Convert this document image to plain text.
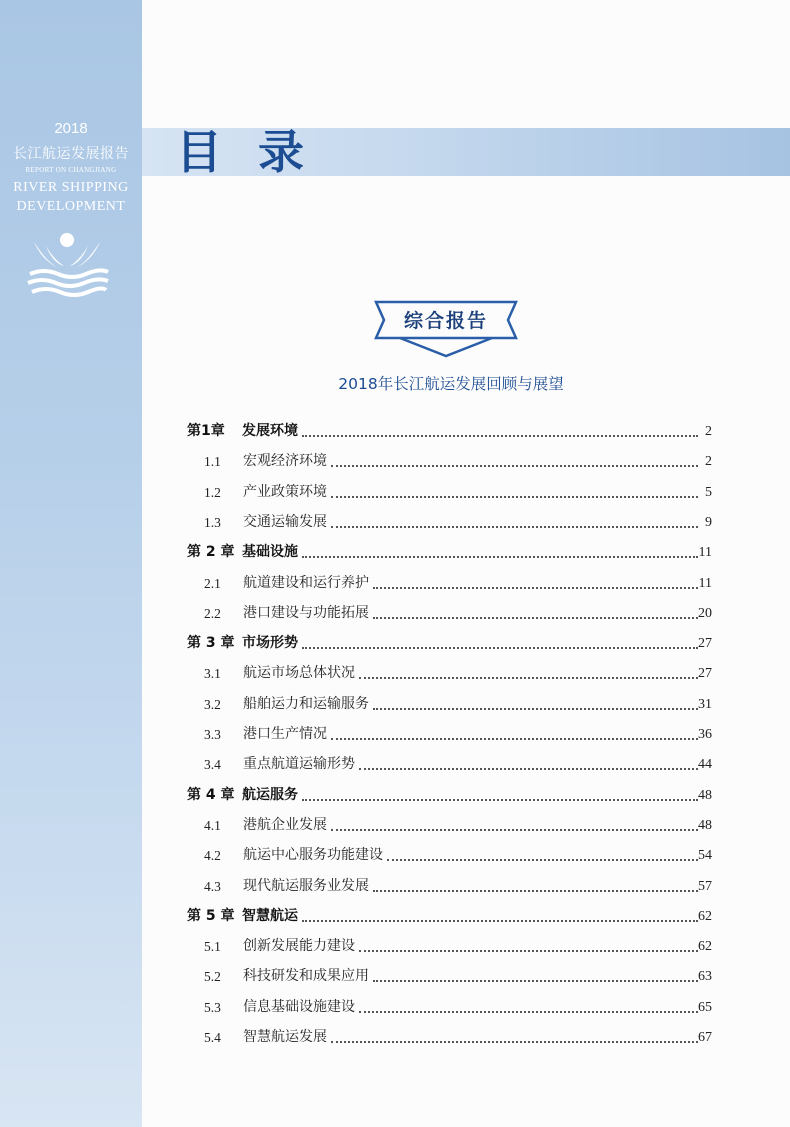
2018
长江航运发展报告
REPORT ON CHANGJIANG
RIVER SHIPPING
DEVELOPMENT
目 录
综合报告
2018年长江航运发展回顾与展望
第1章 发展环境	2
1.1 宏观经济环境	2
1.2 产业政策环境	5
1.3 交通运输发展	9
第 2 章 基础设施	11
2.1 航道建设和运行养护	11
2.2 港口建设与功能拓展	20
第 3 章 市场形势	27
3.1 航运市场总体状况	27
3.2 船舶运力和运输服务	31
3.3 港口生产情况	36
3.4 重点航道运输形势	44
第 4 章 航运服务	48
4.1 港航企业发展	48
4.2 航运中心服务功能建设	54
4.3 现代航运服务业发展	57
第 5 章 智慧航运	62
5.1 创新发展能力建设	62
5.2 科技研发和成果应用	63
5.3 信息基础设施建设	65
5.4 智慧航运发展	67
